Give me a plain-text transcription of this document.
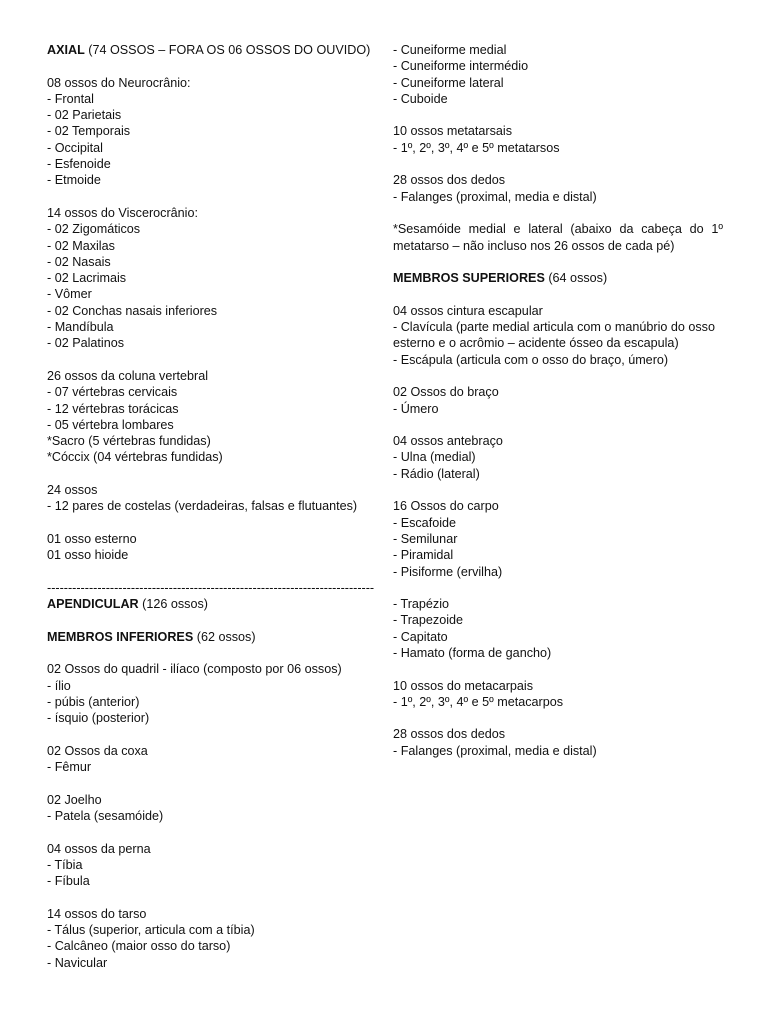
AXIAL (74 OSSOS – FORA OS 06 OSSOS DO OUVIDO)
08 ossos do Neurocrânio:
- Frontal
- 02 Parietais
- 02 Temporais
- Occipital
- Esfenoide
- Etmoide
14 ossos do Viscerocrânio:
- 02 Zigomáticos
- 02 Maxilas
- 02 Nasais
- 02 Lacrimais
- Vômer
- 02 Conchas nasais inferiores
- Mandíbula
- 02 Palatinos
26 ossos da coluna vertebral
- 07 vértebras cervicais
- 12 vértebras torácicas
- 05 vértebra lombares
*Sacro (5 vértebras fundidas)
*Cóccix (04 vértebras fundidas)
24 ossos
- 12 pares de costelas (verdadeiras, falsas e flutuantes)
01 osso esterno
01 osso hioide
------------------------------------------------------------------------------
APENDICULAR (126 ossos)
MEMBROS INFERIORES (62 ossos)
02 Ossos do quadril - ilíaco (composto por 06 ossos)
- ílio
- púbis (anterior)
- ísquio (posterior)
02 Ossos da coxa
- Fêmur
02 Joelho
- Patela (sesamóide)
04 ossos da perna
- Tíbia
- Fíbula
14 ossos do tarso
- Tálus (superior, articula com a tíbia)
- Calcâneo (maior osso do tarso)
- Navicular
- Cuneiforme medial
- Cuneiforme intermédio
- Cuneiforme lateral
- Cuboide
10 ossos metatarsais
- 1º, 2º, 3º, 4º e 5º metatarsos
28 ossos dos dedos
- Falanges (proximal, media e distal)
*Sesamóide medial e lateral (abaixo da cabeça do 1º metatarso – não incluso nos 26 ossos de cada pé)
MEMBROS SUPERIORES (64 ossos)
04 ossos cintura escapular
- Clavícula (parte medial articula com o manúbrio do osso esterno e o acrômio – acidente ósseo da escapula)
- Escápula (articula com o osso do braço, úmero)
02 Ossos do braço
- Úmero
04 ossos antebraço
- Ulna (medial)
- Rádio (lateral)
16 Ossos do carpo
- Escafoide
- Semilunar
- Piramidal
- Pisiforme (ervilha)
- Trapézio
- Trapezoide
- Capitato
- Hamato (forma de gancho)
10 ossos do metacarpais
- 1º, 2º, 3º, 4º e 5º metacarpos
28 ossos dos dedos
- Falanges (proximal, media e distal)
